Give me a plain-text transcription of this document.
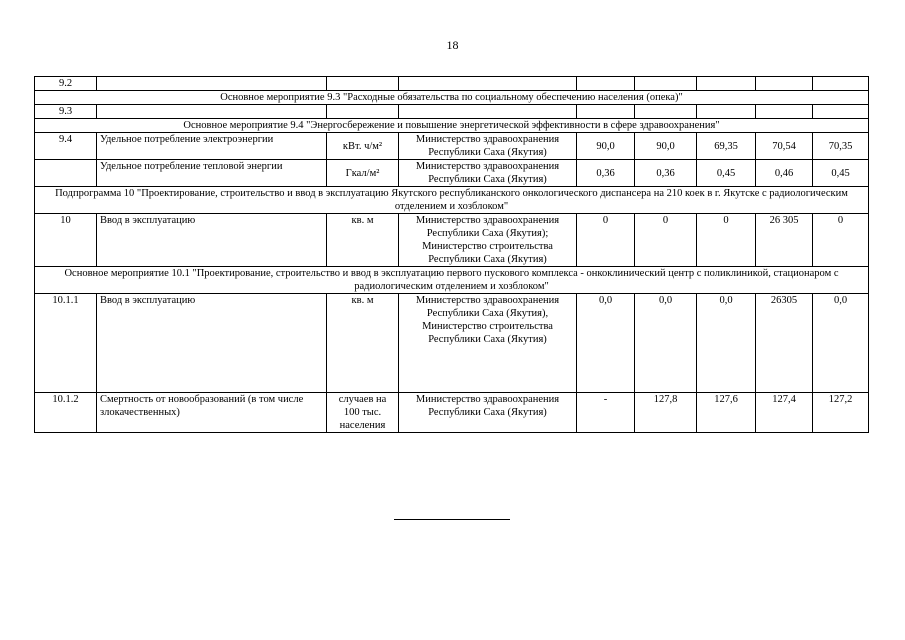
18
9.2								
Основное мероприятие 9.3 "Расходные обязательства по социальному обеспечению населения (опека)"								
9.3								
Основное мероприятие 9.4 "Энергосбережение и повышение энергетической эффективности в сфере здравоохранения"								
9.4	Удельное потребление электроэнергии	кВт. ч/м²	Министерство здравоохранения Республики Саха (Якутия)	90,0	90,0	69,35	70,54	70,35
	Удельное потребление тепловой энергии	Гкал/м²	Министерство здравоохранения Республики Саха (Якутия)	0,36	0,36	0,45	0,46	0,45
Подпрограмма 10 "Проектирование, строительство и ввод в эксплуатацию Якутского республиканского онкологического диспансера на 210 коек в г. Якутске с радиологическим отделением и хозблоком"								
10	Ввод в эксплуатацию	кв. м	Министерство здравоохранения Республики Саха (Якутия); Министерство строительства Республики Саха (Якутия)	0	0	0	26 305	0
Основное мероприятие 10.1 "Проектирование, строительство и ввод в эксплуатацию первого пускового комплекса - онкоклинический центр с поликлиникой, стационаром с радиологическим отделением и хозблоком"								
10.1.1	Ввод в эксплуатацию	кв. м	Министерство здравоохранения Республики Саха (Якутия), Министерство строительства Республики Саха (Якутия)	0,0	0,0	0,0	26305	0,0
10.1.2	Смертность от новообразований (в том числе злокачественных)	случаев на 100 тыс. населения	Министерство здравоохранения Республики Саха (Якутия)	-	127,8	127,6	127,4	127,2
